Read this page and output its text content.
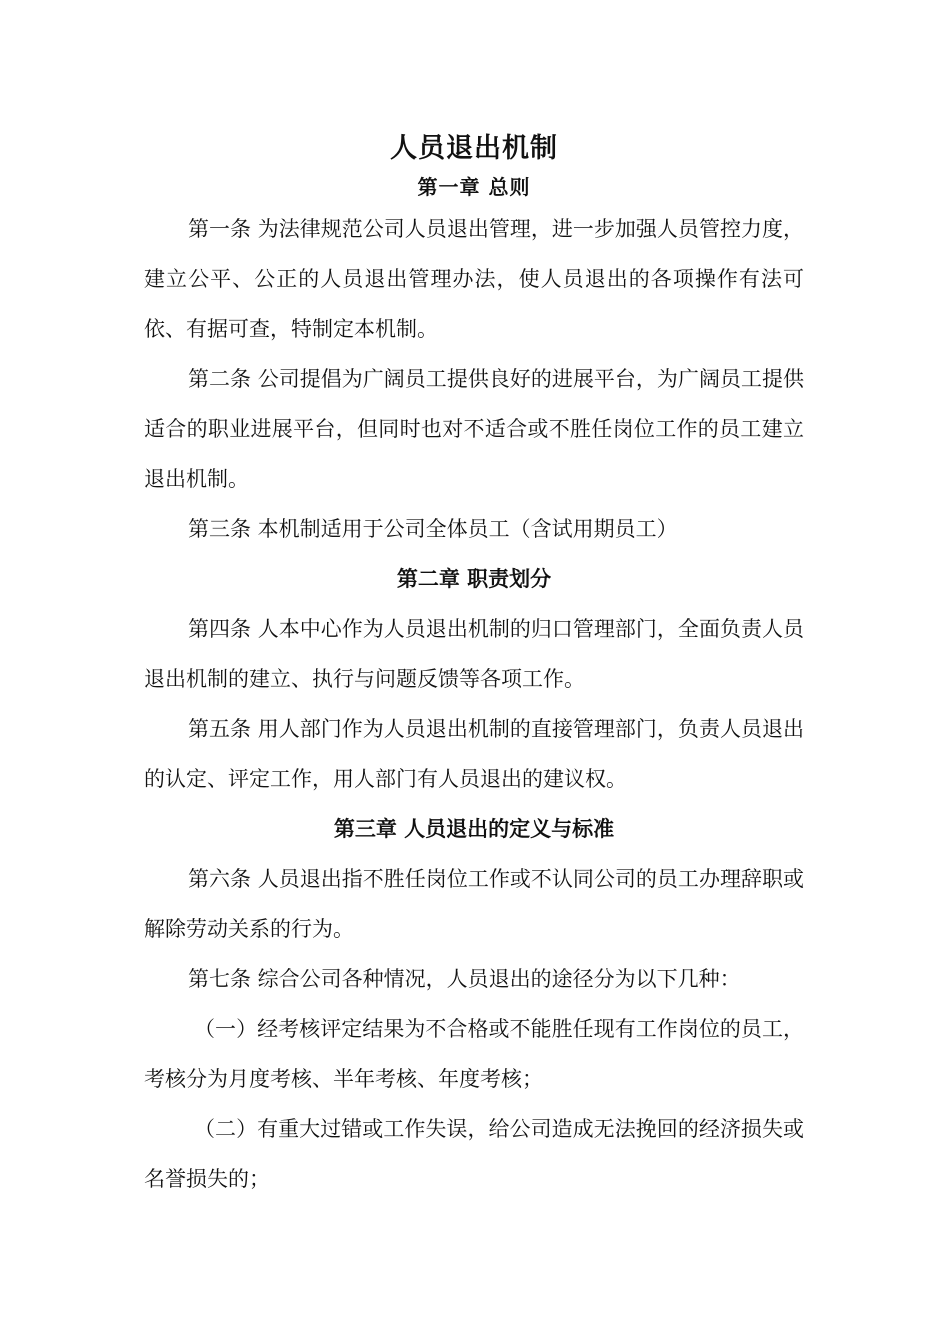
人员退出机制
第一章 总则

第一条 为法律规范公司人员退出管理，进一步加强人员管控力度，建立公平、公正的人员退出管理办法，使人员退出的各项操作有法可依、有据可查，特制定本机制。

第二条 公司提倡为广阔员工提供良好的进展平台，为广阔员工提供适合的职业进展平台，但同时也对不适合或不胜任岗位工作的员工建立退出机制。

第三条 本机制适用于公司全体员工（含试用期员工）

第二章 职责划分

第四条 人本中心作为人员退出机制的归口管理部门，全面负责人员退出机制的建立、执行与问题反馈等各项工作。

第五条 用人部门作为人员退出机制的直接管理部门，负责人员退出的认定、评定工作，用人部门有人员退出的建议权。

第三章 人员退出的定义与标准

第六条 人员退出指不胜任岗位工作或不认同公司的员工办理辞职或解除劳动关系的行为。

第七条 综合公司各种情况，人员退出的途径分为以下几种：

（一）经考核评定结果为不合格或不能胜任现有工作岗位的员工，考核分为月度考核、半年考核、年度考核；

（二）有重大过错或工作失误，给公司造成无法挽回的经济损失或名誉损失的；
